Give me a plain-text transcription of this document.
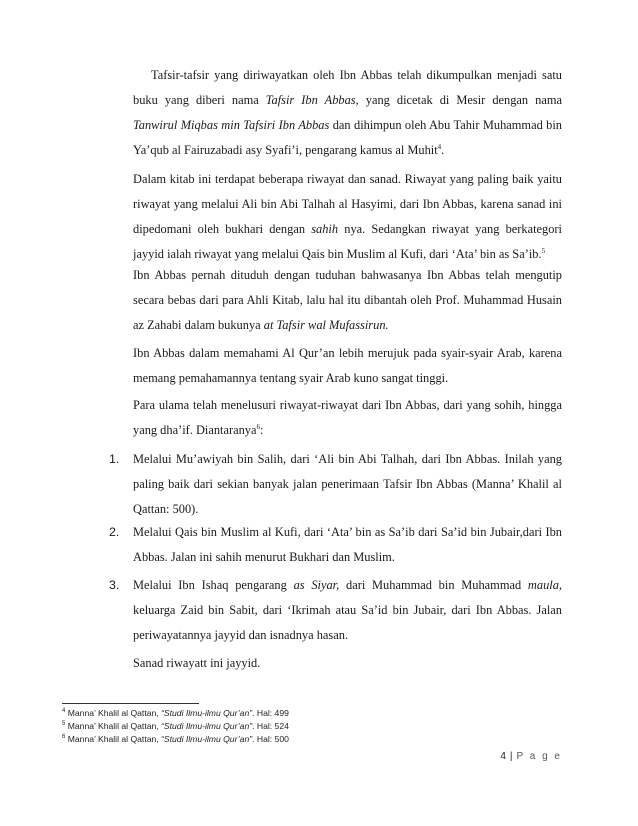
Tafsir-tafsir yang diriwayatkan oleh Ibn Abbas telah dikumpulkan menjadi satu buku yang diberi nama Tafsir Ibn Abbas, yang dicetak di Mesir dengan nama Tanwirul Miqbas min Tafsiri Ibn Abbas dan dihimpun oleh Abu Tahir Muhammad bin Ya’qub al Fairuzabadi asy Syafi’i, pengarang kamus al Muhit$^4$.

Dalam kitab ini terdapat beberapa riwayat dan sanad. Riwayat yang paling baik yaitu riwayat yang melalui Ali bin Abi Talhah al Hasyimi, dari Ibn Abbas, karena sanad ini dipedomani oleh bukhari dengan sahih nya. Sedangkan riwayat yang berkategori jayyid ialah riwayat yang melalui Qais bin Muslim al Kufi, dari ‘Ata’ bin as Sa’ib.$^5$

Ibn Abbas pernah dituduh dengan tuduhan bahwasanya Ibn Abbas telah mengutip secara bebas dari para Ahli Kitab, lalu hal itu dibantah oleh Prof. Muhammad Husain az Zahabi dalam bukunya at Tafsir wal Mufassirun.

Ibn Abbas dalam memahami Al Qur’an lebih merujuk pada syair-syair Arab, karena memang pemahamannya tentang syair Arab kuno sangat tinggi.

Para ulama telah menelusuri riwayat-riwayat dari Ibn Abbas, dari yang sohih, hingga yang dha’if. Diantaranya$^6$:

1.	Melalui Mu’awiyah bin Salih, dari ‘Ali bin Abi Talhah, dari Ibn Abbas. Inilah yang paling baik dari sekian banyak jalan penerimaan Tafsir Ibn Abbas (Manna’ Khalil al Qattan: 500).
2.	Melalui Qais bin Muslim al Kufi, dari ‘Ata’ bin as Sa’ib dari Sa’id bin Jubair,dari Ibn Abbas. Jalan ini sahih menurut Bukhari dan Muslim.
3.	Melalui Ibn Ishaq pengarang as Siyar, dari Muhammad bin Muhammad maula, keluarga Zaid bin Sabit, dari ‘Ikrimah atau Sa’id bin Jubair, dari Ibn Abbas. Jalan periwayatannya jayyid dan isnadnya hasan.

Sanad riwayatt ini jayyid.

$^4$ Manna’ Khalil al Qattan, “Studi Ilmu-ilmu Qur’an”. Hal: 499
$^5$ Manna’ Khalil al Qattan, “Studi Ilmu-ilmu Qur’an”. Hal: 524
$^6$ Manna’ Khalil al Qattan, “Studi Ilmu-ilmu Qur’an”. Hal: 500
4 | P a g e
